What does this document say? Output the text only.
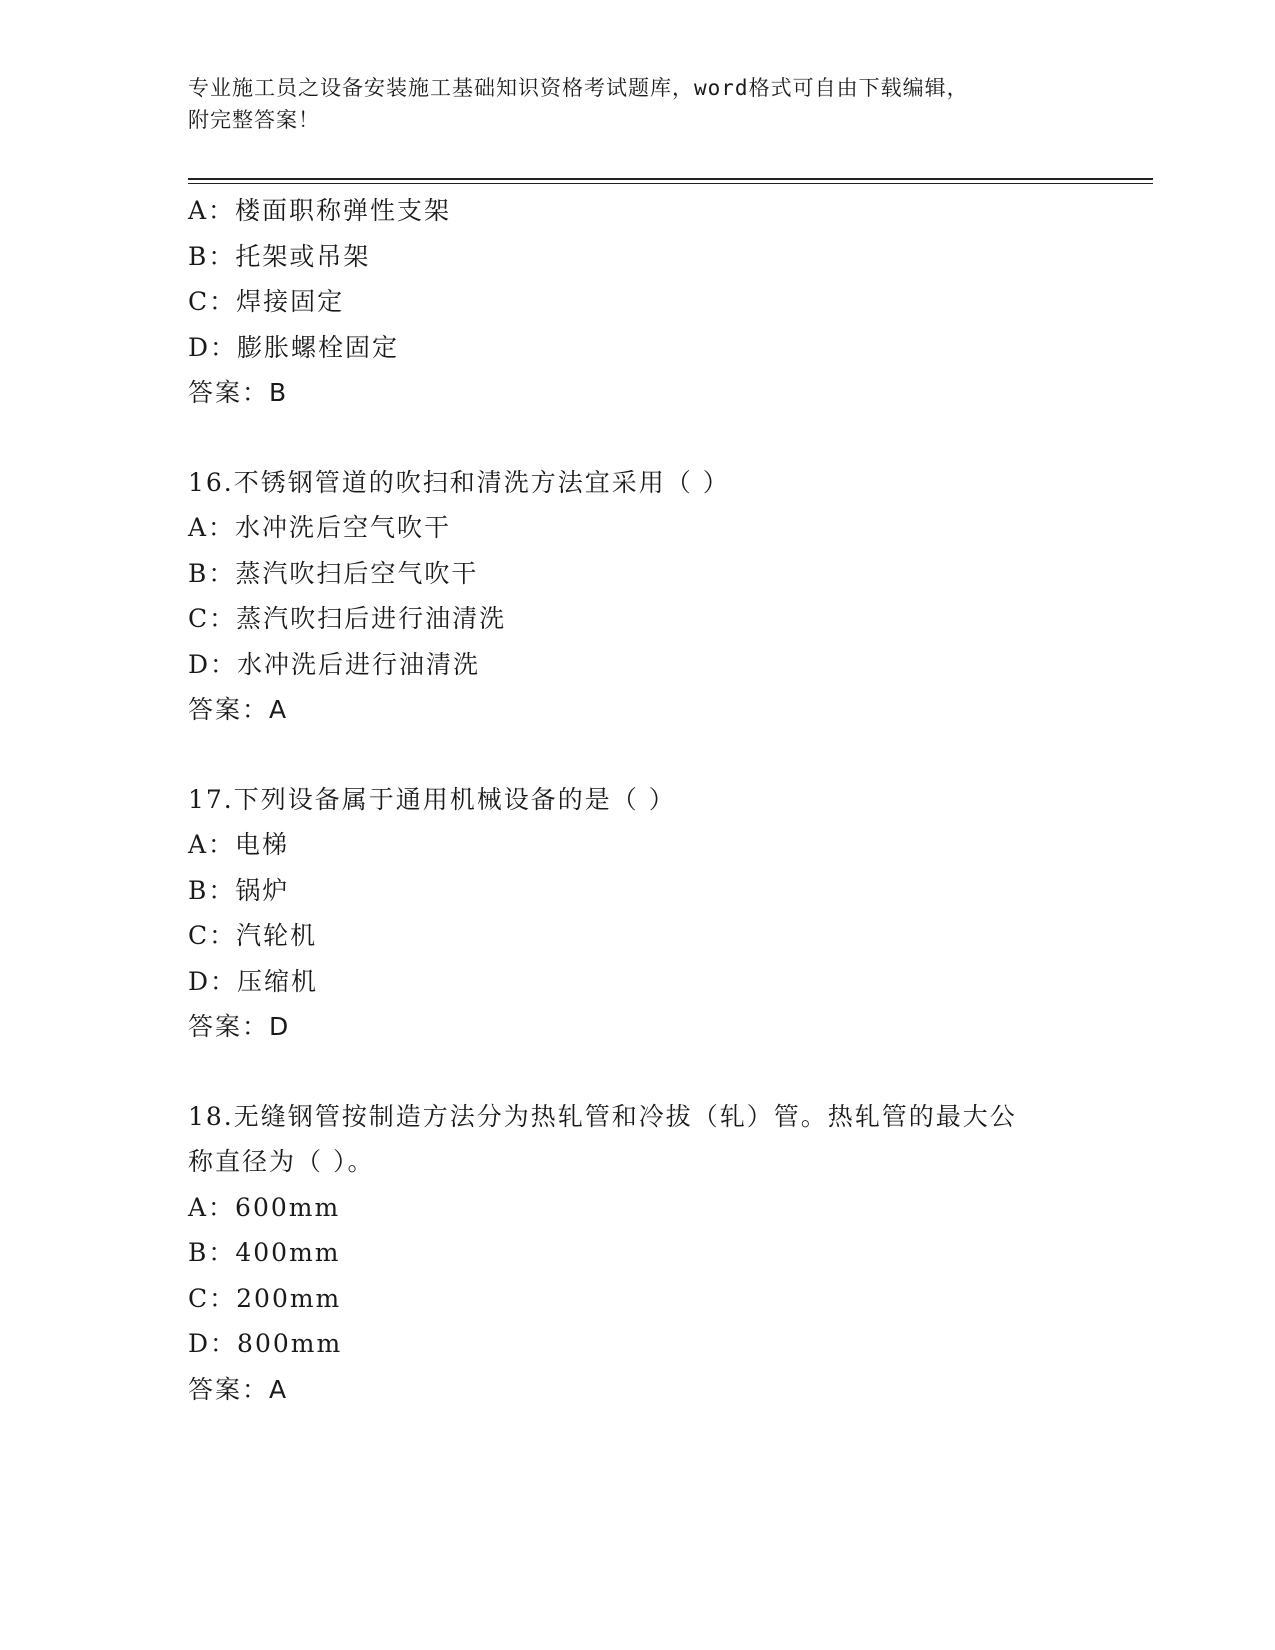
专业施工员之设备安装施工基础知识资格考试题库，word格式可自由下载编辑，
附完整答案！
A：楼面职称弹性支架
B：托架或吊架
C：焊接固定
D：膨胀螺栓固定
答案：B
16.不锈钢管道的吹扫和清洗方法宜采用（ ）
A：水冲洗后空气吹干
B：蒸汽吹扫后空气吹干
C：蒸汽吹扫后进行油清洗
D：水冲洗后进行油清洗
答案：A
17.下列设备属于通用机械设备的是（ ）
A：电梯
B：锅炉
C：汽轮机
D：压缩机
答案：D
18.无缝钢管按制造方法分为热轧管和冷拔（轧）管。热轧管的最大公
称直径为（ ）。
A：600mm
B：400mm
C：200mm
D：800mm
答案：A
